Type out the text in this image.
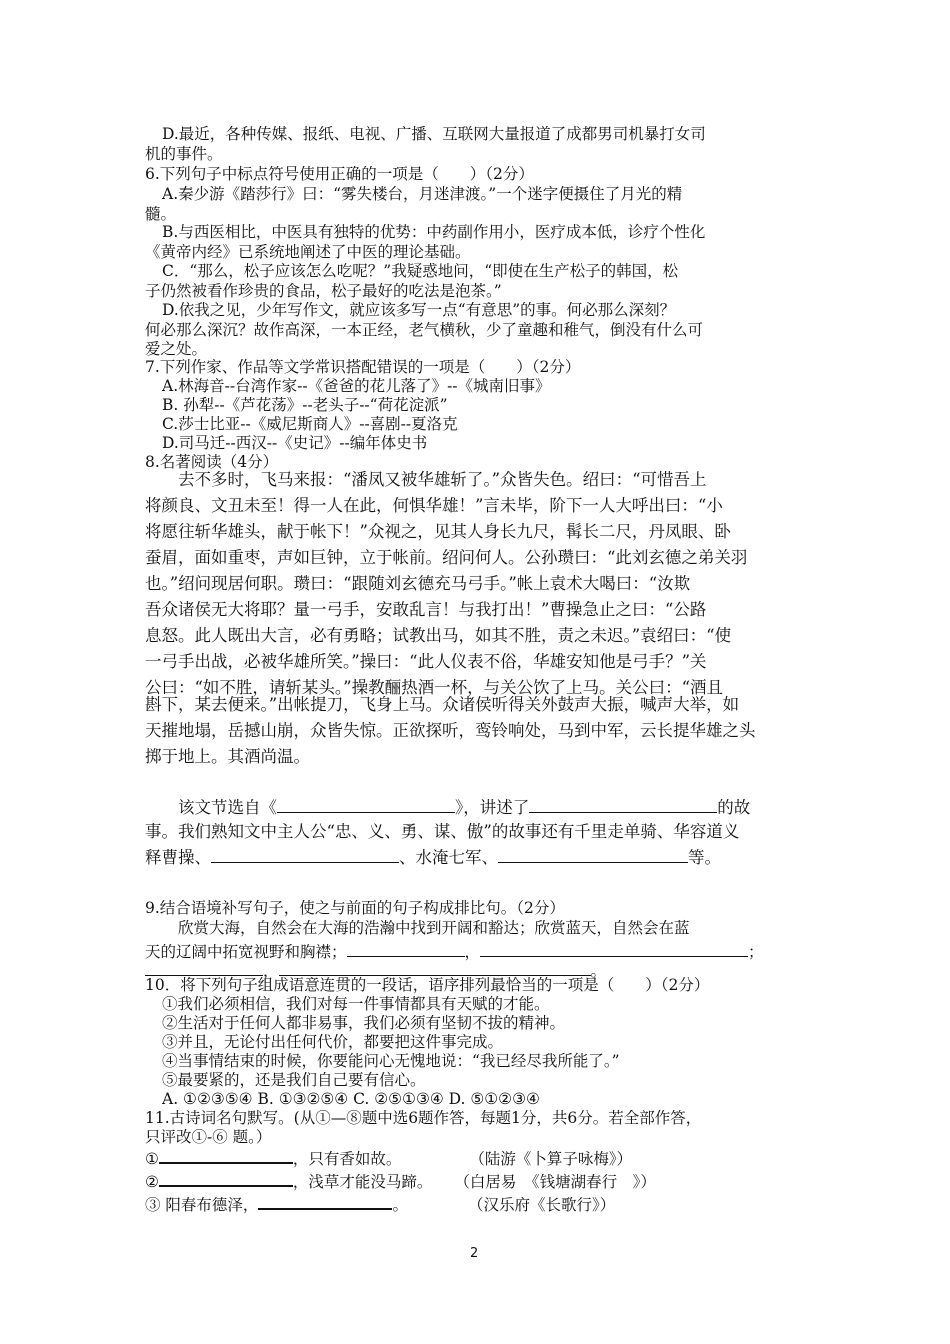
D.最近，各种传媒、报纸、电视、广播、互联网大量报道了成都男司机暴打女司
机的事件。
6.下列句子中标点符号使用正确的一项是（　　）（2分）
A.秦少游《踏莎行》曰：“雾失楼台，月迷津渡。”一个迷字便摄住了月光的精
髓。
B.与西医相比，中医具有独特的优势：中药副作用小，医疗成本低，诊疗个性化
《黄帝内经》已系统地阐述了中医的理论基础。
C．“那么，松子应该怎么吃呢？”我疑惑地问，“即使在生产松子的韩国，松
子仍然被看作珍贵的食品，松子最好的吃法是泡茶。”
D.依我之见，少年写作文，就应该多写一点“有意思”的事。何必那么深刻？
何必那么深沉？故作高深，一本正经，老气横秋，少了童趣和稚气，倒没有什么可
爱之处。
7.下列作家、作品等文学常识搭配错误的一项是（　　）（2分）
A.林海音--台湾作家--《爸爸的花儿落了》--《城南旧事》
B. 孙犁--《芦花荡》--老头子--“荷花淀派”
C.莎士比亚--《威尼斯商人》--喜剧--夏洛克
D.司马迁--西汉--《史记》--编年体史书
8.名著阅读（4分）
去不多时，飞马来报：“潘凤又被华雄斩了。”众皆失色。绍曰：“可惜吾上
将颜良、文丑未至！得一人在此，何惧华雄！”言未毕，阶下一人大呼出曰：“小
将愿往斩华雄头，献于帐下！”众视之，见其人身长九尺，髯长二尺，丹凤眼、卧
蚕眉，面如重枣，声如巨钟，立于帐前。绍问何人。公孙瓒曰：“此刘玄德之弟关羽
也。”绍问现居何职。瓒曰：“跟随刘玄德充马弓手。”帐上袁术大喝曰：“汝欺
吾众诸侯无大将耶？量一弓手，安敢乱言！与我打出！”曹操急止之曰：“公路
息怒。此人既出大言，必有勇略；试教出马，如其不胜，责之未迟。”袁绍曰：“使
一弓手出战，必被华雄所笑。”操曰：“此人仪表不俗，华雄安知他是弓手？”关
公曰：“如不胜，请斩某头。”操教酾热酒一杯，与关公饮了上马。关公曰：“酒且
斟下，某去便来。”出帐提刀，飞身上马。众诸侯听得关外鼓声大振，喊声大举，如
天摧地塌，岳撼山崩，众皆失惊。正欲探听，鸾铃响处，马到中军，云长提华雄之头
掷于地上。其酒尚温。
该文节选自《	》，讲述了	的故
事。我们熟知文中主人公“忠、义、勇、谋、傲”的故事还有千里走单骑、华容道义
释曹操、	、水淹七军、	等。
9.结合语境补写句子，使之与前面的句子构成排比句。（2分）
欣赏大海，自然会在大海的浩瀚中找到开阔和豁达；欣赏蓝天，自然会在蓝
天的辽阔中拓宽视野和胸襟；	，	；
，	。
10．将下列句子组成语意连贯的一段话，语序排列最恰当的一项是（　　）（2分）
①我们必须相信，我们对每一件事情都具有天赋的才能。
②生活对于任何人都非易事，我们必须有坚韧不拔的精神。
③并且，无论付出任何代价，都要把这件事完成。
④当事情结束的时候，你要能问心无愧地说：“我已经尽我所能了。”
⑤最要紧的，还是我们自己要有信心。
A. ①②③⑤④ B. ①③②⑤④ C. ②⑤①③④ D. ⑤①②③④
11.古诗词名句默写。(从①—⑧题中选6题作答，每题1分，共6分。若全部作答，
只评改①-⑥ 题。）
①	，只有香如故。	（陆游《卜算子咏梅》）
②	，浅草才能没马蹄。 （白居易　《钱塘湖春行　》）
③ 阳春布德泽，	。	（汉乐府《长歌行》）
2
